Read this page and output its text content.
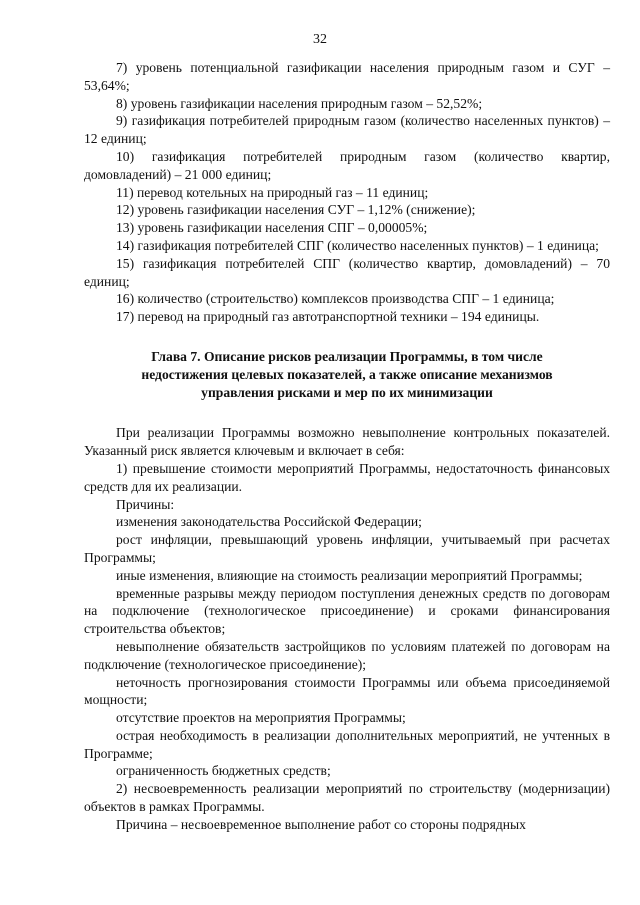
32

7) уровень потенциальной газификации населения природным газом и СУГ – 53,64%;

8) уровень газификации населения природным газом – 52,52%;

9) газификация потребителей природным газом (количество населенных пунктов) – 12 единиц;

10) газификация потребителей природным газом (количество квартир, домовладений) – 21 000 единиц;

11) перевод котельных на природный газ – 11 единиц;

12) уровень газификации населения СУГ – 1,12% (снижение);

13) уровень газификации населения СПГ – 0,00005%;

14) газификация потребителей СПГ (количество населенных пунктов) – 1 единица;

15) газификация потребителей СПГ (количество квартир, домовладений) – 70 единиц;

16) количество (строительство) комплексов производства СПГ – 1 единица;

17) перевод на природный газ автотранспортной техники – 194 единицы.

Глава 7. Описание рисков реализации Программы, в том числе
недостижения целевых показателей, а также описание механизмов
управления рисками и мер по их минимизации

При реализации Программы возможно невыполнение контрольных показателей. Указанный риск является ключевым и включает в себя:

1) превышение стоимости мероприятий Программы, недостаточность финансовых средств для их реализации.

Причины:

изменения законодательства Российской Федерации;

рост инфляции, превышающий уровень инфляции, учитываемый при расчетах Программы;

иные изменения, влияющие на стоимость реализации мероприятий Программы;

временные разрывы между периодом поступления денежных средств по договорам на подключение (технологическое присоединение) и сроками финансирования строительства объектов;

невыполнение обязательств застройщиков по условиям платежей по договорам на подключение (технологическое присоединение);

неточность прогнозирования стоимости Программы или объема присоединяемой мощности;

отсутствие проектов на мероприятия Программы;

острая необходимость в реализации дополнительных мероприятий, не учтенных в Программе;

ограниченность бюджетных средств;

2) несвоевременность реализации мероприятий по строительству (модернизации) объектов в рамках Программы.

Причина – несвоевременное выполнение работ со стороны подрядных
